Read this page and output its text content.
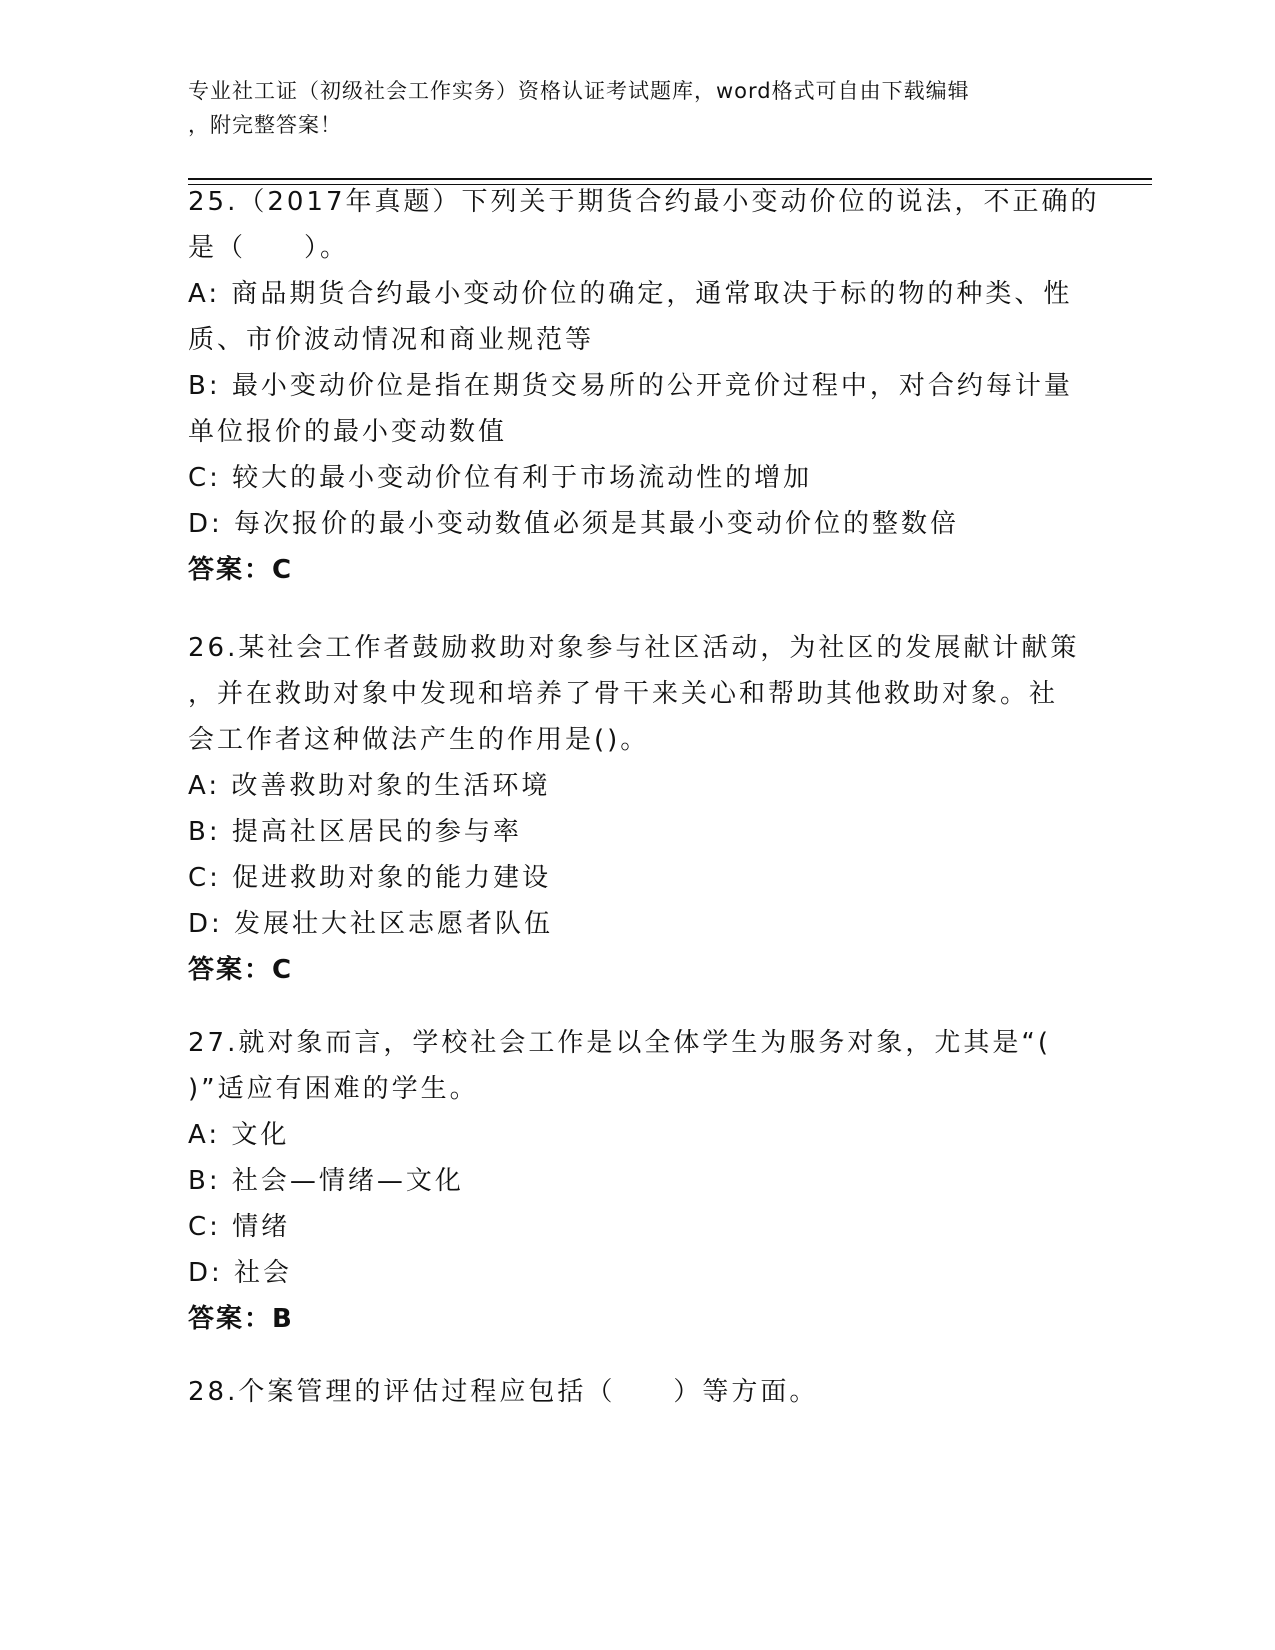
专业社工证（初级社会工作实务）资格认证考试题库，word格式可自由下载编辑
，附完整答案！
25.（2017年真题）下列关于期货合约最小变动价位的说法，不正确的
是（　　）。
A: 商品期货合约最小变动价位的确定，通常取决于标的物的种类、性
质、市价波动情况和商业规范等
B: 最小变动价位是指在期货交易所的公开竞价过程中，对合约每计量
单位报价的最小变动数值
C: 较大的最小变动价位有利于市场流动性的增加
D: 每次报价的最小变动数值必须是其最小变动价位的整数倍
答案：C
26.某社会工作者鼓励救助对象参与社区活动，为社区的发展献计献策
，并在救助对象中发现和培养了骨干来关心和帮助其他救助对象。社
会工作者这种做法产生的作用是()。
A: 改善救助对象的生活环境
B: 提高社区居民的参与率
C: 促进救助对象的能力建设
D: 发展壮大社区志愿者队伍
答案：C
27.就对象而言，学校社会工作是以全体学生为服务对象，尤其是“(
)”适应有困难的学生。
A: 文化
B: 社会—情绪—文化
C: 情绪
D: 社会
答案：B
28.个案管理的评估过程应包括（　　）等方面。
